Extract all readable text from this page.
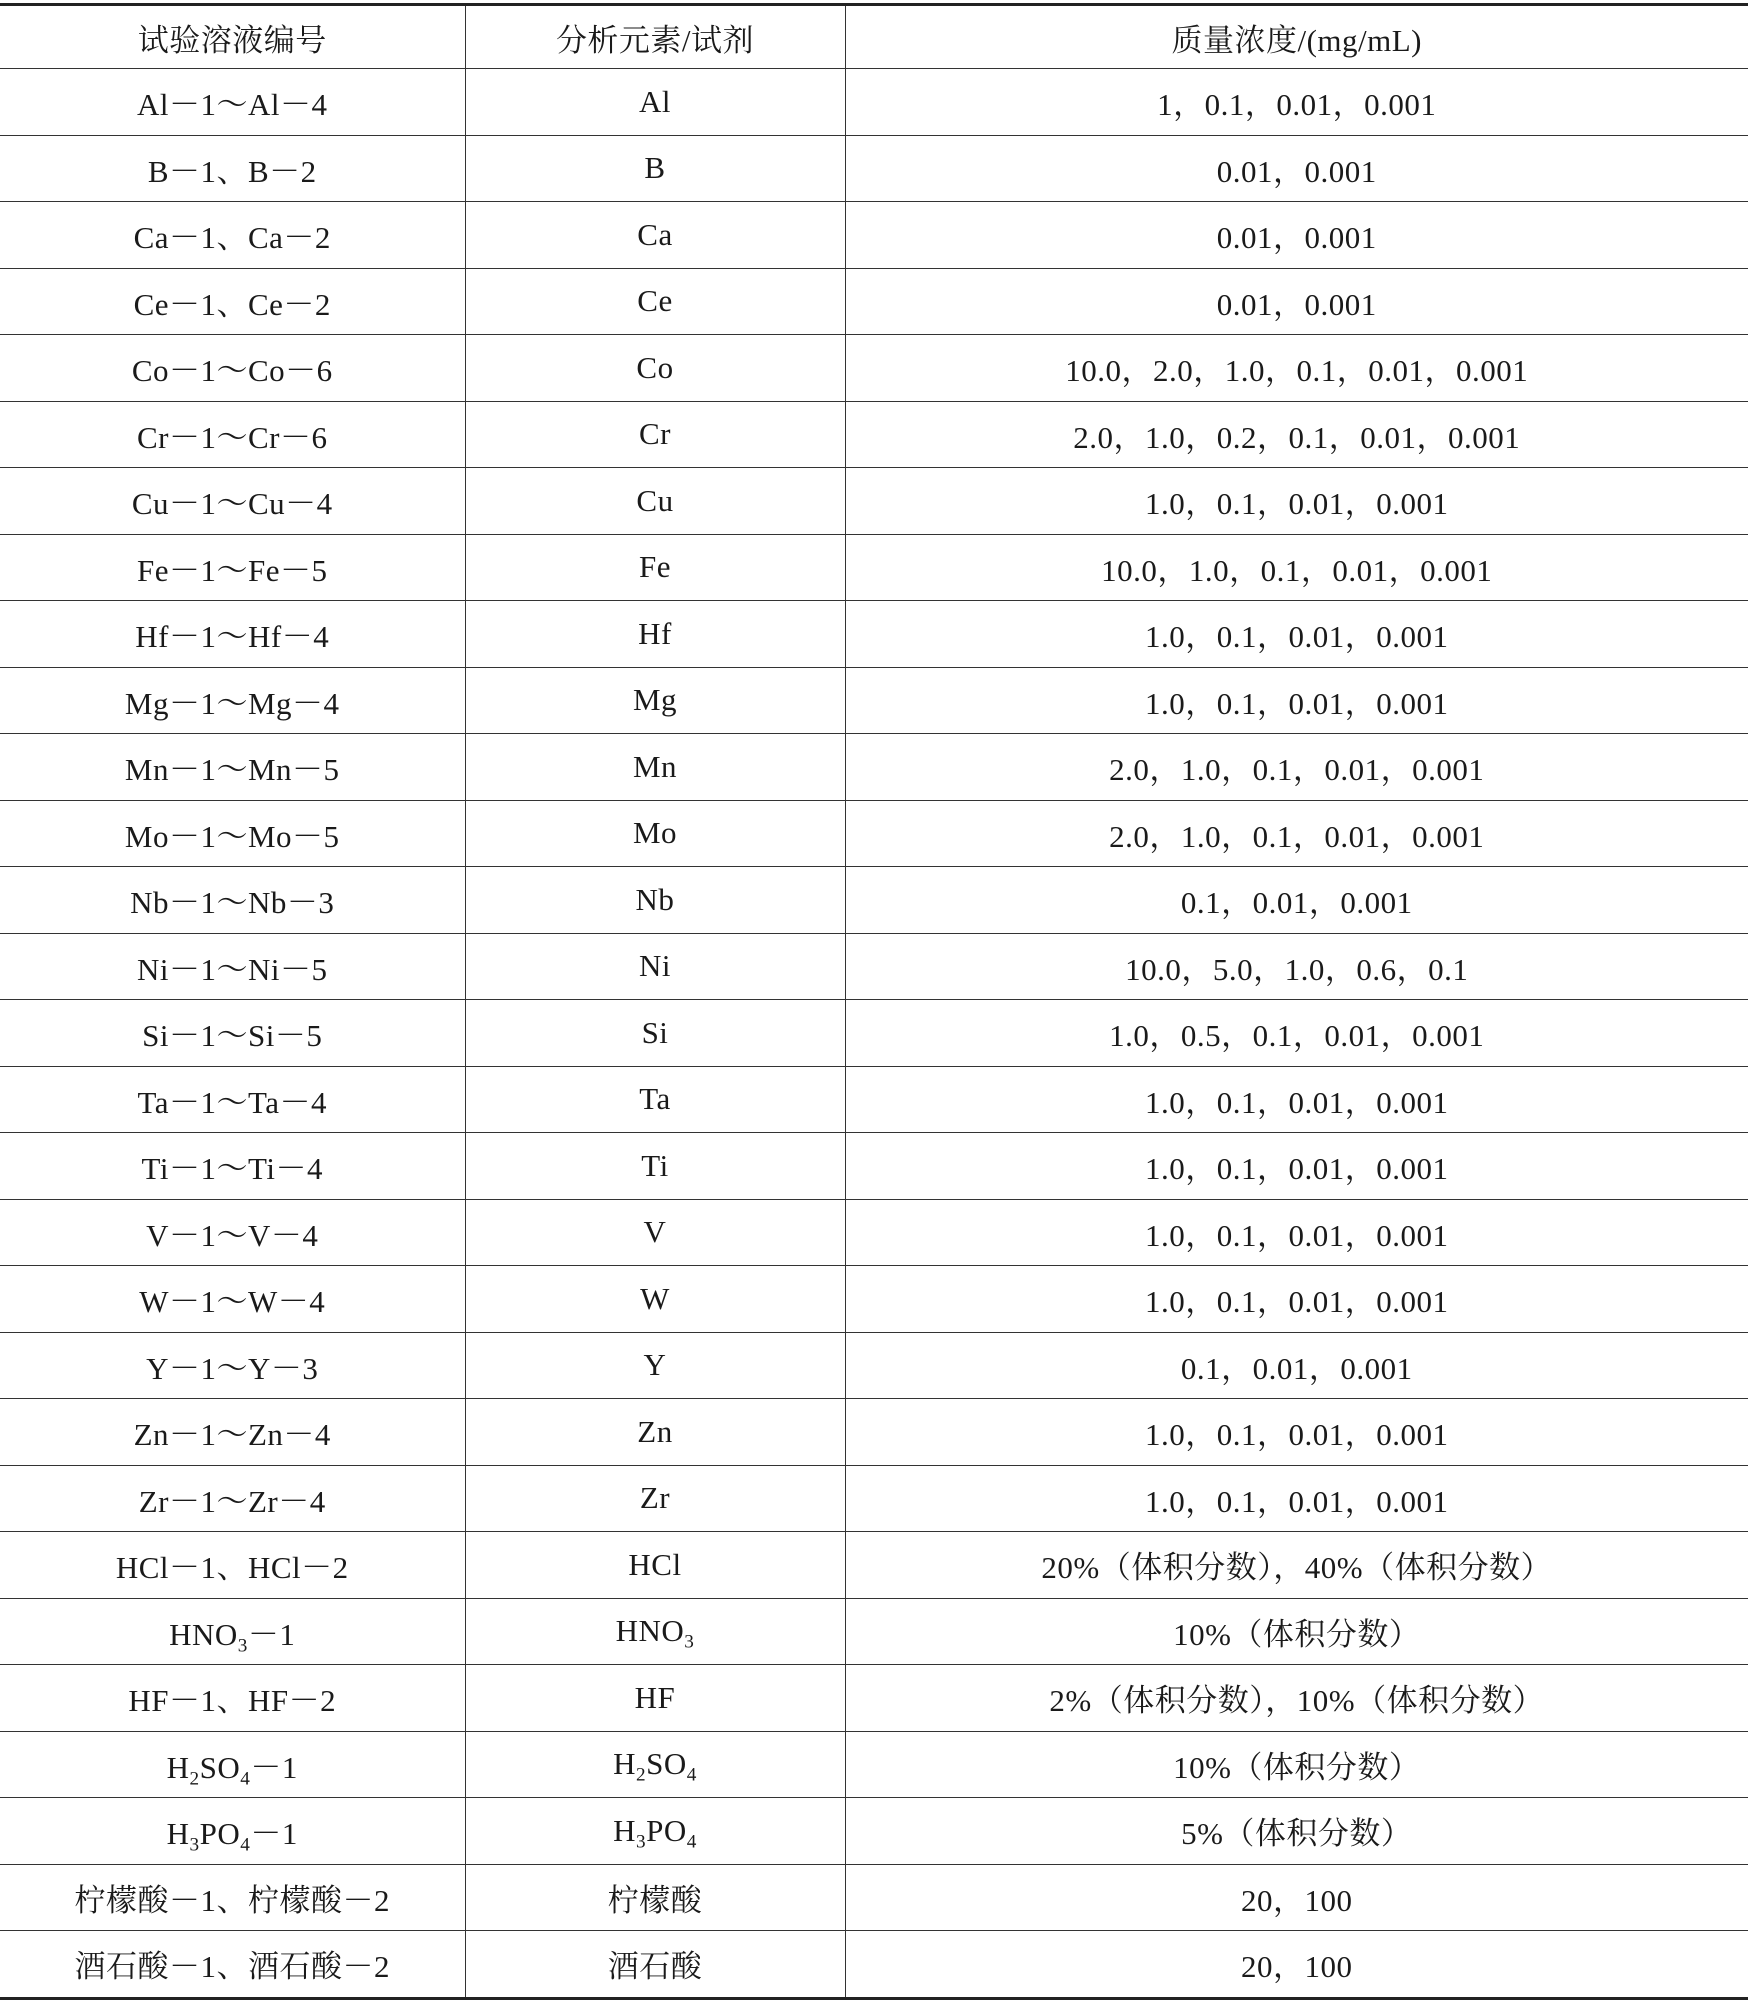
试验溶液编号	分析元素/试剂	质量浓度/(mg/mL)
Al－1～Al－4	Al	1，0.1，0.01，0.001
B－1、B－2	B	0.01，0.001
Ca－1、Ca－2	Ca	0.01，0.001
Ce－1、Ce－2	Ce	0.01，0.001
Co－1～Co－6	Co	10.0，2.0，1.0，0.1，0.01，0.001
Cr－1～Cr－6	Cr	2.0，1.0，0.2，0.1，0.01，0.001
Cu－1～Cu－4	Cu	1.0，0.1，0.01，0.001
Fe－1～Fe－5	Fe	10.0，1.0，0.1，0.01，0.001
Hf－1～Hf－4	Hf	1.0，0.1，0.01，0.001
Mg－1～Mg－4	Mg	1.0，0.1，0.01，0.001
Mn－1～Mn－5	Mn	2.0，1.0，0.1，0.01，0.001
Mo－1～Mo－5	Mo	2.0，1.0，0.1，0.01，0.001
Nb－1～Nb－3	Nb	0.1，0.01，0.001
Ni－1～Ni－5	Ni	10.0，5.0，1.0，0.6，0.1
Si－1～Si－5	Si	1.0，0.5，0.1，0.01，0.001
Ta－1～Ta－4	Ta	1.0，0.1，0.01，0.001
Ti－1～Ti－4	Ti	1.0，0.1，0.01，0.001
V－1～V－4	V	1.0，0.1，0.01，0.001
W－1～W－4	W	1.0，0.1，0.01，0.001
Y－1～Y－3	Y	0.1，0.01，0.001
Zn－1～Zn－4	Zn	1.0，0.1，0.01，0.001
Zr－1～Zr－4	Zr	1.0，0.1，0.01，0.001
HCl－1、HCl－2	HCl	20%（体积分数），40%（体积分数）
$HNO_3-1$	$HNO_3$	10%（体积分数）
HF－1、HF－2	HF	2%（体积分数），10%（体积分数）
$H_2SO_4-1$	$H_2SO_4$	10%（体积分数）
$H_3PO_4-1$	$H_3PO_4$	5%（体积分数）
柠檬酸－1、柠檬酸－2	柠檬酸	20，100
酒石酸－1、酒石酸－2	酒石酸	20，100
